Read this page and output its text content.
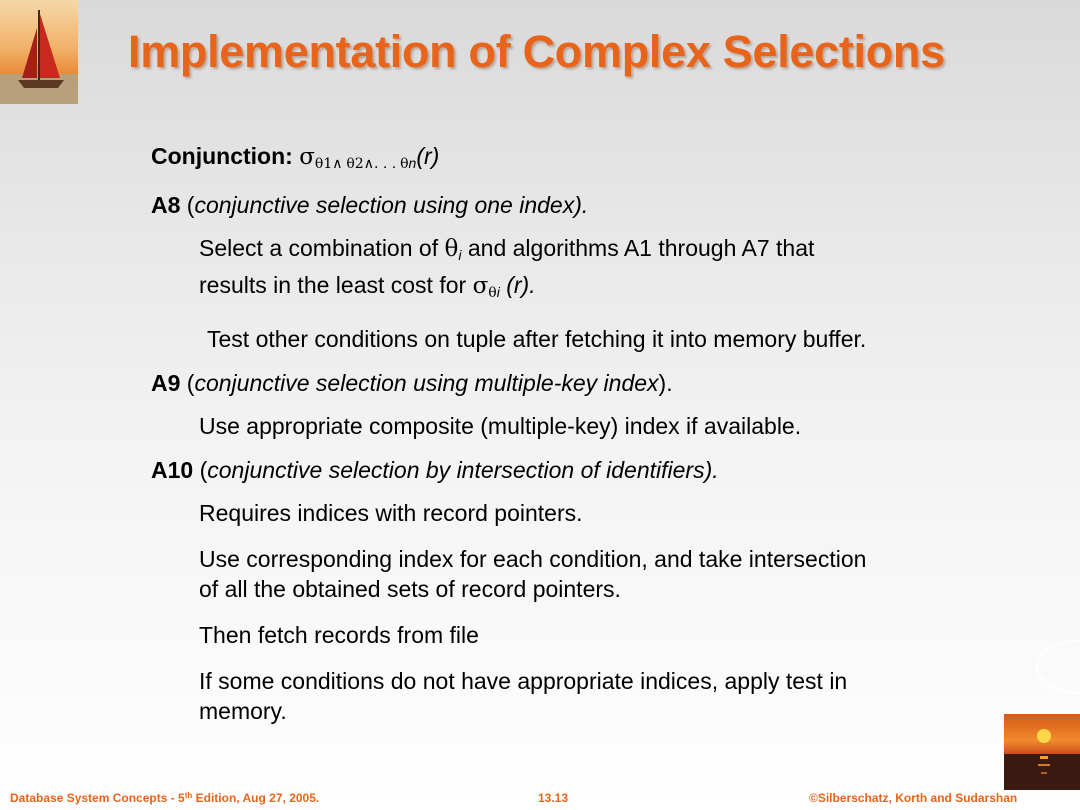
Implementation of Complex Selections
Conjunction: $\sigma_{\theta 1\wedge \theta 2\wedge. . . \theta n}(r)$
A8 (conjunctive selection using one index).
Select a combination of $\theta_i$ and algorithms A1 through A7 that
results in the least cost for $\sigma_{\theta i}$ (r).
Test other conditions on tuple after fetching it into memory buffer.
A9 (conjunctive selection using multiple-key index).
Use appropriate composite (multiple-key) index if available.
A10 (conjunctive selection by intersection of identifiers).
Requires indices with record pointers.
Use corresponding index for each condition, and take intersection
of all the obtained sets of record pointers.
Then fetch records from file
If some conditions do not have appropriate indices, apply test in
memory.
Database System Concepts - 5th Edition, Aug 27, 2005.	13.13	©Silberschatz, Korth and Sudarshan
